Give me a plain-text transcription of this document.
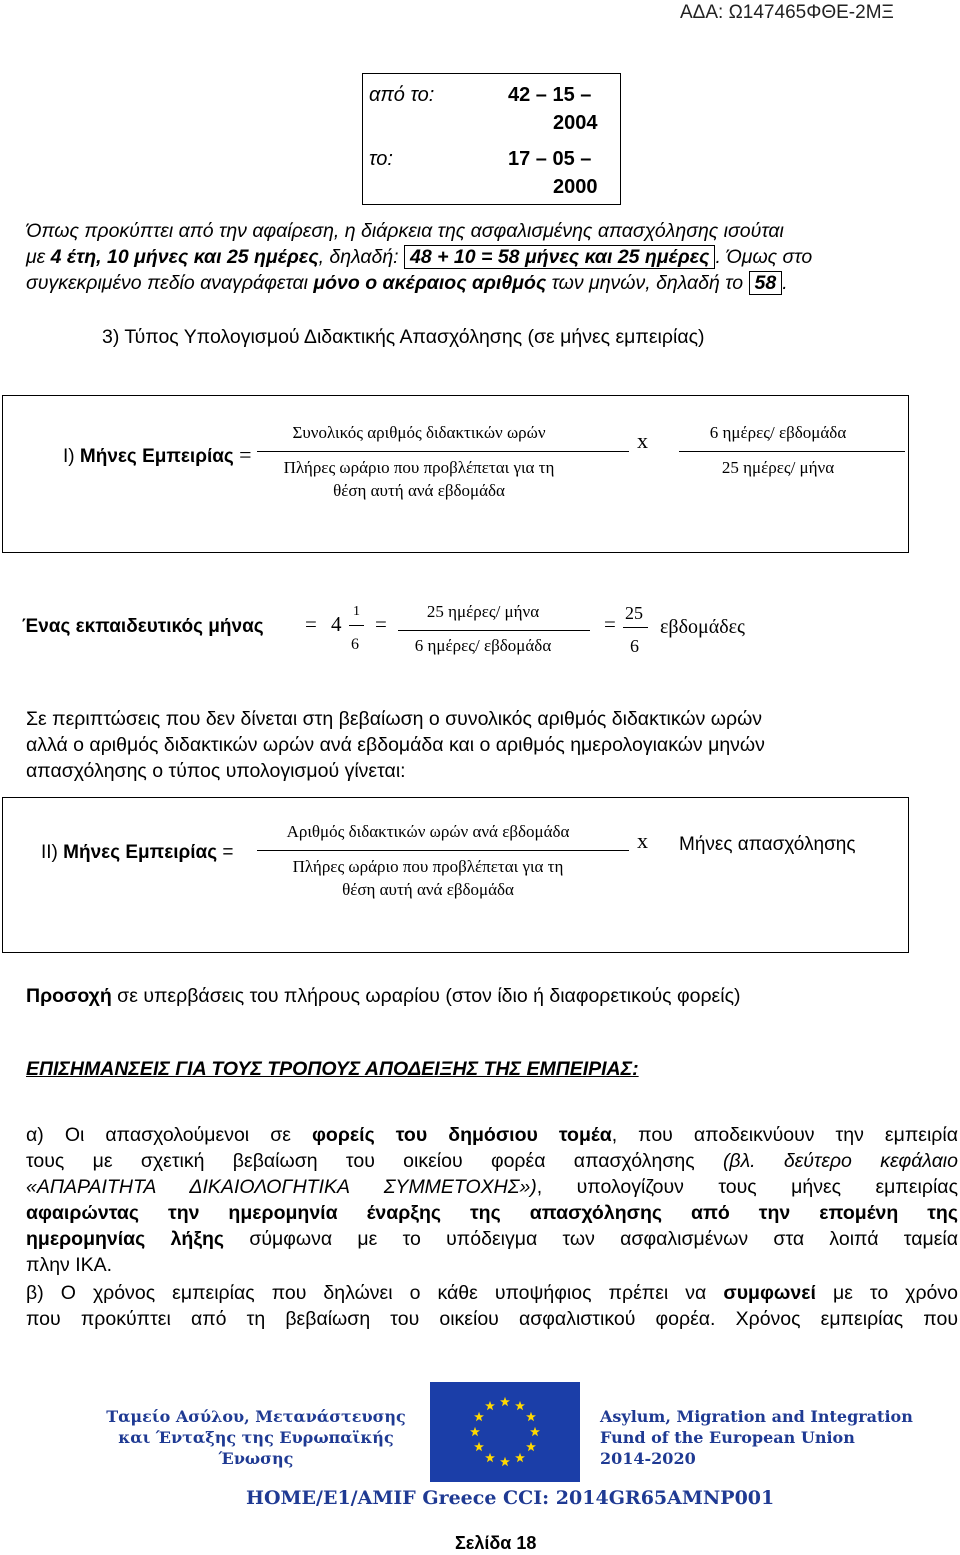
ΑΔΑ: Ω147465ΦΘΕ-2ΜΞ
από το:	42 – 15 –
2004
το:	17 – 05 –
2000
Όπως προκύπτει από την αφαίρεση, η διάρκεια της ασφαλισμένης απασχόλησης ισούται
με 4 έτη, 10 μήνες και 25 ημέρες, δηλαδή: 48 + 10 = 58 μήνες και 25 ημέρες . Όμως στο
συγκεκριμένο πεδίο αναγράφεται μόνο ο ακέραιος αριθμός των μηνών, δηλαδή το 58 .
3) Τύπος Υπολογισμού Διδακτικής Απασχόλησης (σε μήνες εμπειρίας)
I) Μήνες Εμπειρίας =
Συνολικός αριθμός διδακτικών ωρών
Πλήρες ωράριο που προβλέπεται για τη
θέση αυτή ανά εβδομάδα
x	6 ημέρες/ εβδομάδα
25 ημέρες/ μήνα
Ένας εκπαιδευτικός μήνας = 4
1
6
=
25 ημέρες/ μήνα
6 ημέρες/ εβδομάδα
= 25
6
εβδομάδες
Σε περιπτώσεις που δεν δίνεται στη βεβαίωση ο συνολικός αριθμός διδακτικών ωρών
αλλά ο αριθμός διδακτικών ωρών ανά εβδομάδα και ο αριθμός ημερολογιακών μηνών
απασχόλησης ο τύπος υπολογισμού γίνεται:
II) Μήνες Εμπειρίας =
Αριθμός διδακτικών ωρών ανά εβδομάδα
Πλήρες ωράριο που προβλέπεται για τη
θέση αυτή ανά εβδομάδα
x Μήνες απασχόλησης
Προσοχή σε υπερβάσεις του πλήρους ωραρίου (στον ίδιο ή διαφορετικούς φορείς)
ΕΠΙΣΗΜΑΝΣΕΙΣ ΓΙΑ ΤΟΥΣ ΤΡΟΠΟΥΣ ΑΠΟΔΕΙΞΗΣ ΤΗΣ ΕΜΠΕΙΡΙΑΣ:
α) Οι απασχολούμενοι σε φορείς του δημόσιου τομέα, που αποδεικνύουν την εμπειρία
τους με σχετική βεβαίωση του οικείου φορέα απασχόλησης (βλ. δεύτερο κεφάλαιο
«ΑΠΑΡΑΙΤΗΤΑ ΔΙΚΑΙΟΛΟΓΗΤΙΚΑ ΣΥΜΜΕΤΟΧΗΣ»), υπολογίζουν τους μήνες εμπειρίας
αφαιρώντας την ημερομηνία έναρξης της απασχόλησης από την επομένη της
ημερομηνίας λήξης σύμφωνα με το υπόδειγμα των ασφαλισμένων στα λοιπά ταμεία
πλην ΙΚΑ.
β) Ο χρόνος εμπειρίας που δηλώνει ο κάθε υποψήφιος πρέπει να συμφωνεί με το χρόνο
που προκύπτει από τη βεβαίωση του οικείου ασφαλιστικού φορέα. Χρόνος εμπειρίας που
Ταμείο Ασύλου, Μετανάστευσης
και Ένταξης της Ευρωπαϊκής
Ένωσης
Asylum, Migration and Integration
Fund of the European Union
2014-2020
HOME/E1/AMIF Greece CCI: 2014GR65AMNP001
Σελίδα 18
